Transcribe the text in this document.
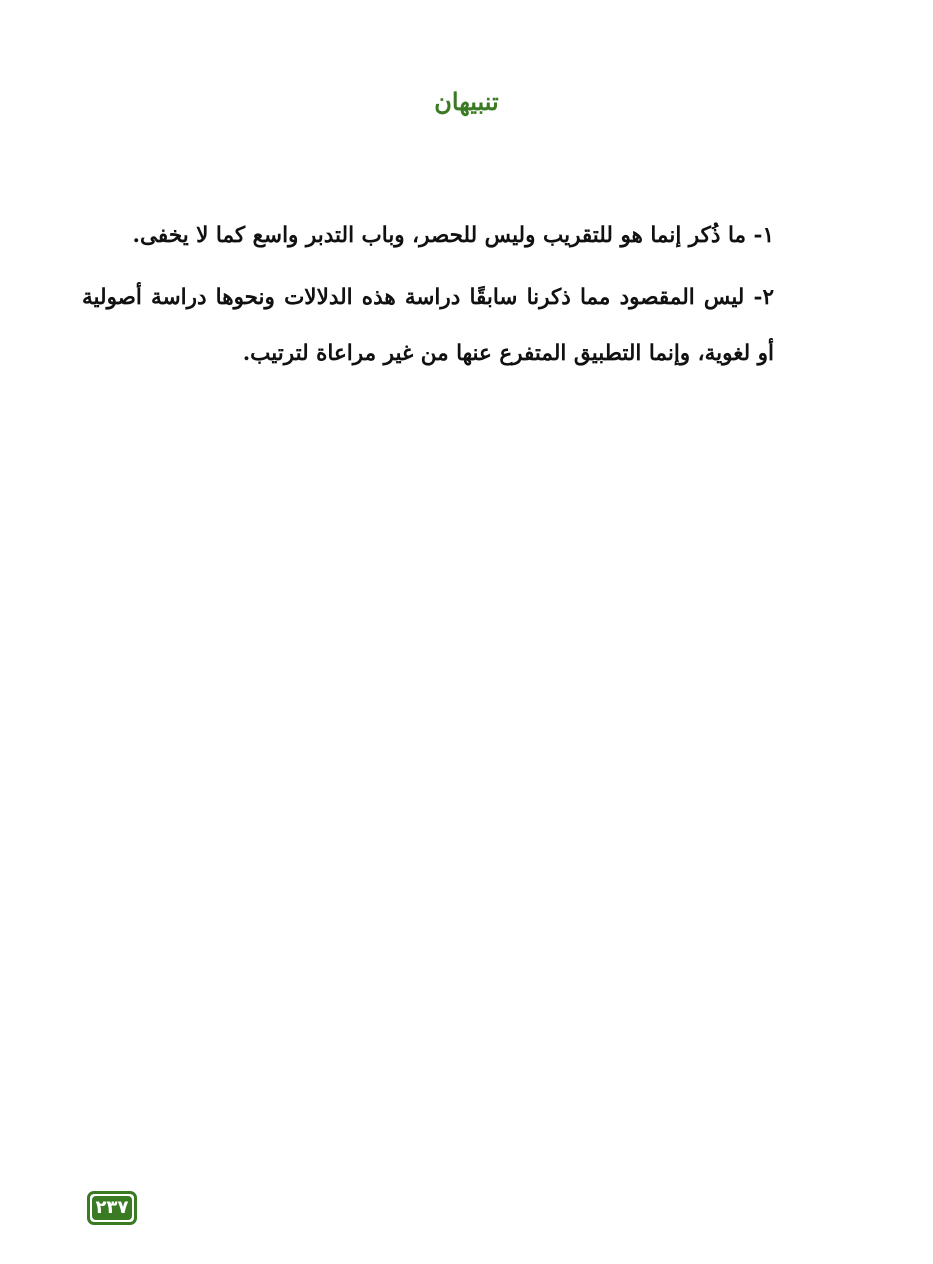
تنبيهان

١- ما ذُكر إنما هو للتقريب وليس للحصر، وباب التدبر واسع كما لا يخفى.

٢- ليس المقصود مما ذكرنا سابقًا دراسة هذه الدلالات ونحوها دراسة أصولية أو لغوية، وإنما التطبيق المتفرع عنها من غير مراعاة لترتيب.

٢٣٧
